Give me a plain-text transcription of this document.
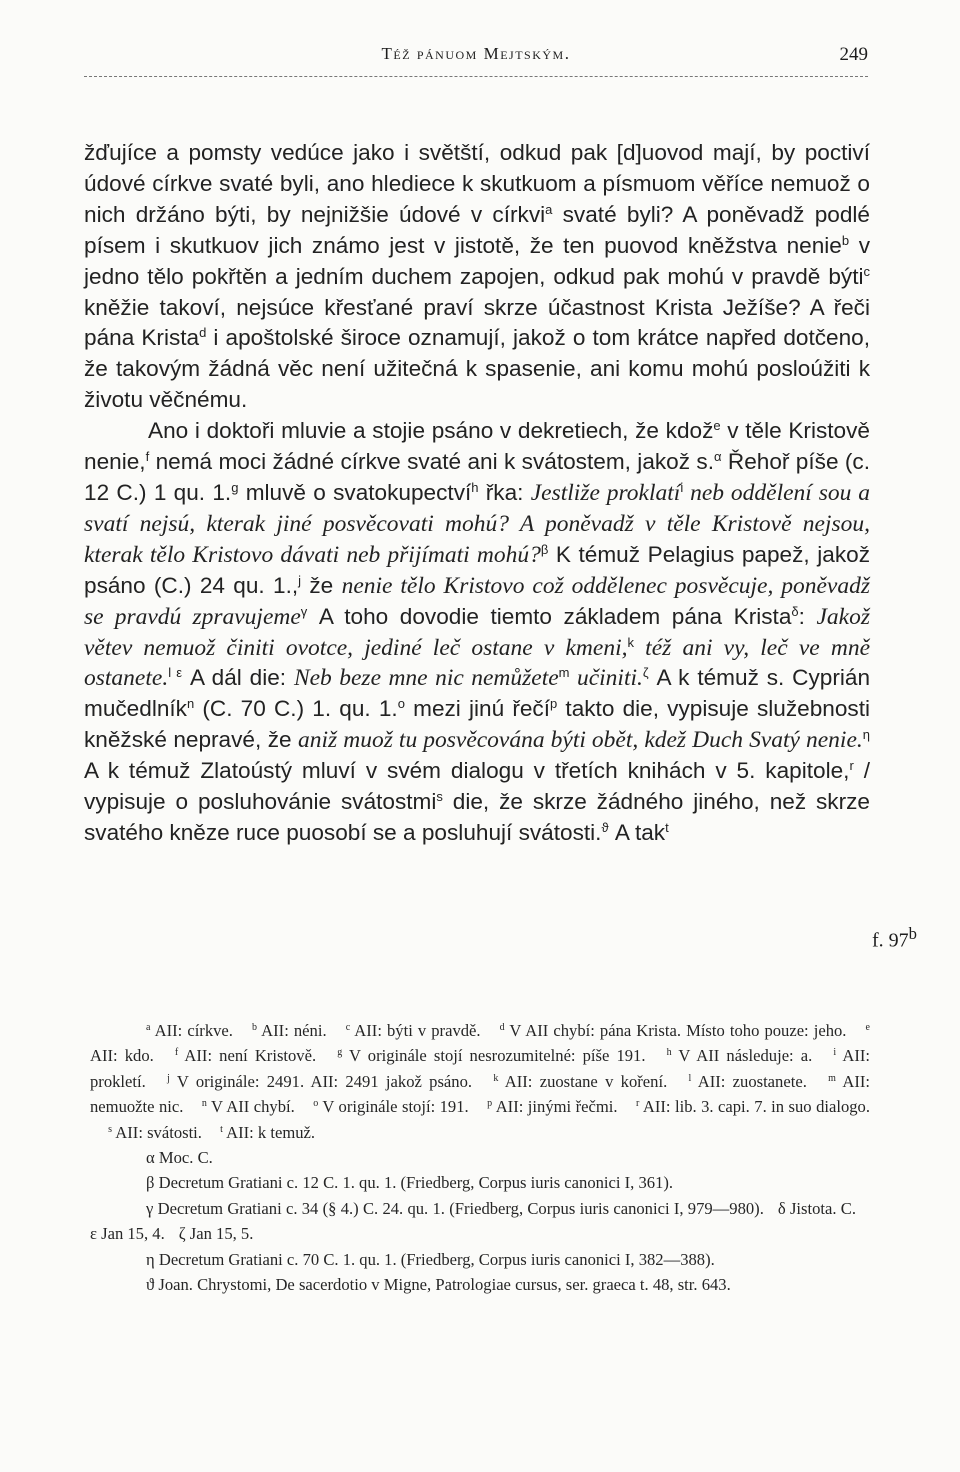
Též pánuom Mejtským.	249

žďujíce a pomsty vedúce jako i světští, odkud pak [d]uovod mají, by poctiví údové církve svaté byli, ano hlediece k skutkuom a písmuom věříce nemuož o nich držáno býti, by nejnižšie údové v církvi$^a$ svaté byli? A poněvadž podlé písem i skutkuov jich známo jest v jistotě, že ten puovod kněžstva nenie$^b$ v jedno tělo pokřtěn a jedním duchem zapojen, odkud pak mohú v pravdě býti$^c$ kněžie takoví, nejsúce křesťané praví skrze účastnost Krista Ježíše? A řeči pána Krista$^d$ i apoštolské široce oznamují, jakož o tom krátce napřed dotčeno, že takovým žádná věc není užitečná k spasenie, ani komu mohú posloúžiti k životu věčnému.

Ano i doktoři mluvie a stojie psáno v dekretiech, že kdož$^e$ v těle Kristově nenie,$^f$ nemá moci žádné církve svaté ani k svátostem, jakož s.$^\alpha$ Řehoř píše (c. 12 C.) 1 qu. 1.$^g$ mluvě o svatokupectví$^h$ řka: Jestliže proklatí$^i$ neb oddělení sou a svatí nejsú, kterak jiné posvěcovati mohú? A poněvadž v těle Kristově nejsou, kterak tělo Kristovo dávati neb přijímati mohú?$^\beta$ K témuž Pelagius papež, jakož psáno (C.) 24 qu. 1.,$^j$ že nenie tělo Kristovo což oddělenec posvěcuje, poněvadž se pravdú zpravujeme$^\gamma$ A toho dovodie tiemto základem pána Krista$^\delta$: Jakož větev nemuož činiti ovotce, jediné leč ostane v kmeni,$^k$ též ani vy, leč ve mně ostanete.$^{l \varepsilon}$ A dál die: Neb beze mne nic nemůžete$^m$ učiniti.$^\zeta$ A k témuž s. Cyprián mučedlník$^n$ (C. 70 C.) 1. qu. 1.$^o$ mezi jinú řečí$^p$ takto die, vypisuje služebnosti kněžské nepravé, že aniž muož tu posvěcována býti obět, kdež Duch Svatý nenie.$^\eta$ A k témuž Zlatoústý mluví v svém dialogu v třetích knihách v 5. kapitole,$^r$ / vypisuje o posluhovánie svátostmi$^s$ die, že skrze žádného jiného, než skrze svatého kněze ruce puosobí se a posluhují svátosti.$^ϑ$ A tak$^t$

f. 97$^b$

$^a$ AII: církve. $^b$ AII: néni. $^c$ AII: býti v pravdě. $^d$ V AII chybí: pána Krista. Místo toho pouze: jeho. $^e$ AII: kdo. $^f$ AII: není Kristově. $^g$ V originále stojí nesrozumitelné: píše 191. $^h$ V AII následuje: a. $^i$ AII: prokletí. $^j$ V originále: 2491. AII: 2491 jakož psáno. $^k$ AII: zuostane v koření. $^l$ AII: zuostanete. $^m$ AII: nemuožte nic. $^n$ V AII chybí. $^o$ V originále stojí: 191. $^p$ AII: jinými řečmi. $^r$ AII: lib. 3. capi. 7. in suo dialogo. $^s$ AII: svátosti. $^t$ AII: k temuž.

α Moc. C.

β Decretum Gratiani c. 12 C. 1. qu. 1. (Friedberg, Corpus iuris canonici I, 361).

γ Decretum Gratiani c. 34 (§ 4.) C. 24. qu. 1. (Friedberg, Corpus iuris canonici I, 979—980). δ Jistota. C.ε Jan 15, 4. ζ Jan 15, 5.

η Decretum Gratiani c. 70 C. 1. qu. 1. (Friedberg, Corpus iuris canonici I, 382—388).

ϑ Joan. Chrystomi, De sacerdotio v Migne, Patrologiae cursus, ser. graeca t. 48, str. 643.
